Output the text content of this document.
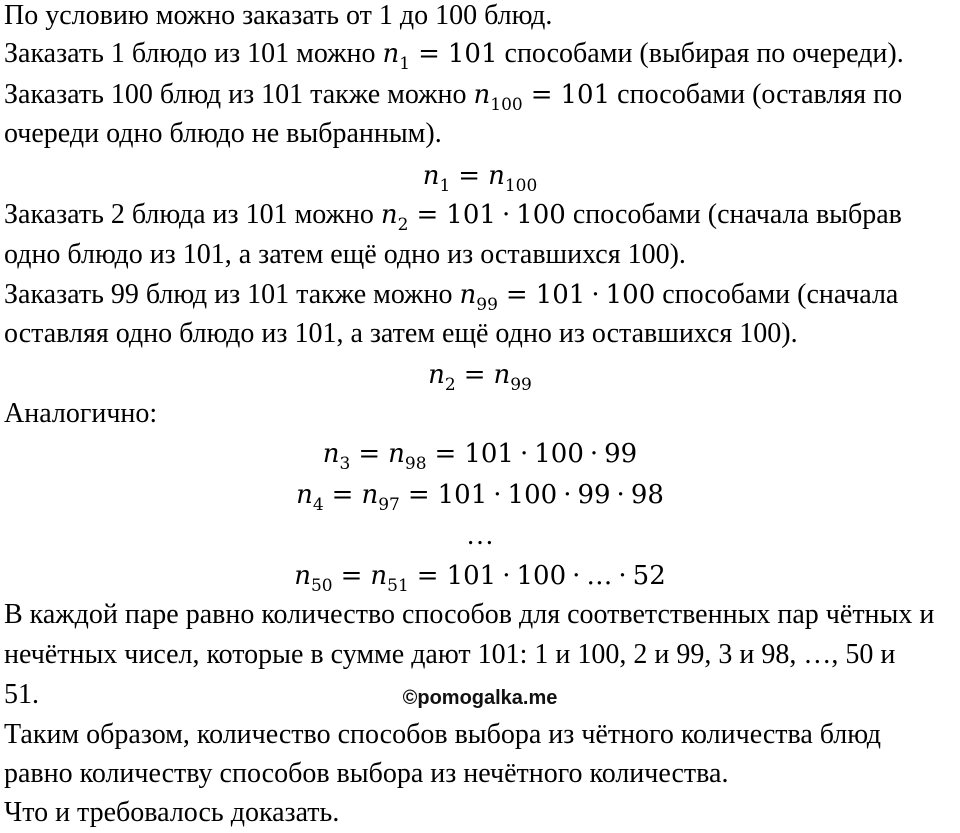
По условию можно заказать от 1 до 100 блюд.
Заказать 1 блюдо из 101 можно $n_1 = 101$ способами (выбирая по очереди).
Заказать 100 блюд из 101 также можно $n_{100} = 101$ способами (оставляя по
очереди одно блюдо не выбранным).
$n_1 = n_{100}$
Заказать 2 блюда из 101 можно $n_2 = 101 \cdot 100$ способами (сначала выбрав
одно блюдо из 101, а затем ещё одно из оставшихся 100).
Заказать 99 блюд из 101 также можно $n_{99} = 101 \cdot 100$ способами (сначала
оставляя одно блюдо из 101, а затем ещё одно из оставшихся 100).
$n_2 = n_{99}$
Аналогично:
$n_3 = n_{98} = 101 \cdot 100 \cdot 99$
$n_4 = n_{97} = 101 \cdot 100 \cdot 99 \cdot 98$
…
$n_{50} = n_{51} = 101 \cdot 100$ · … · 52
В каждой паре равно количество способов для соответственных пар чётных и
нечётных чисел, которые в сумме дают 101: 1 и 100, 2 и 99, 3 и 98, …, 50 и
51.	©pomogalka.me
Таким образом, количество способов выбора из чётного количества блюд
равно количеству способов выбора из нечётного количества.
Что и требовалось доказать.
